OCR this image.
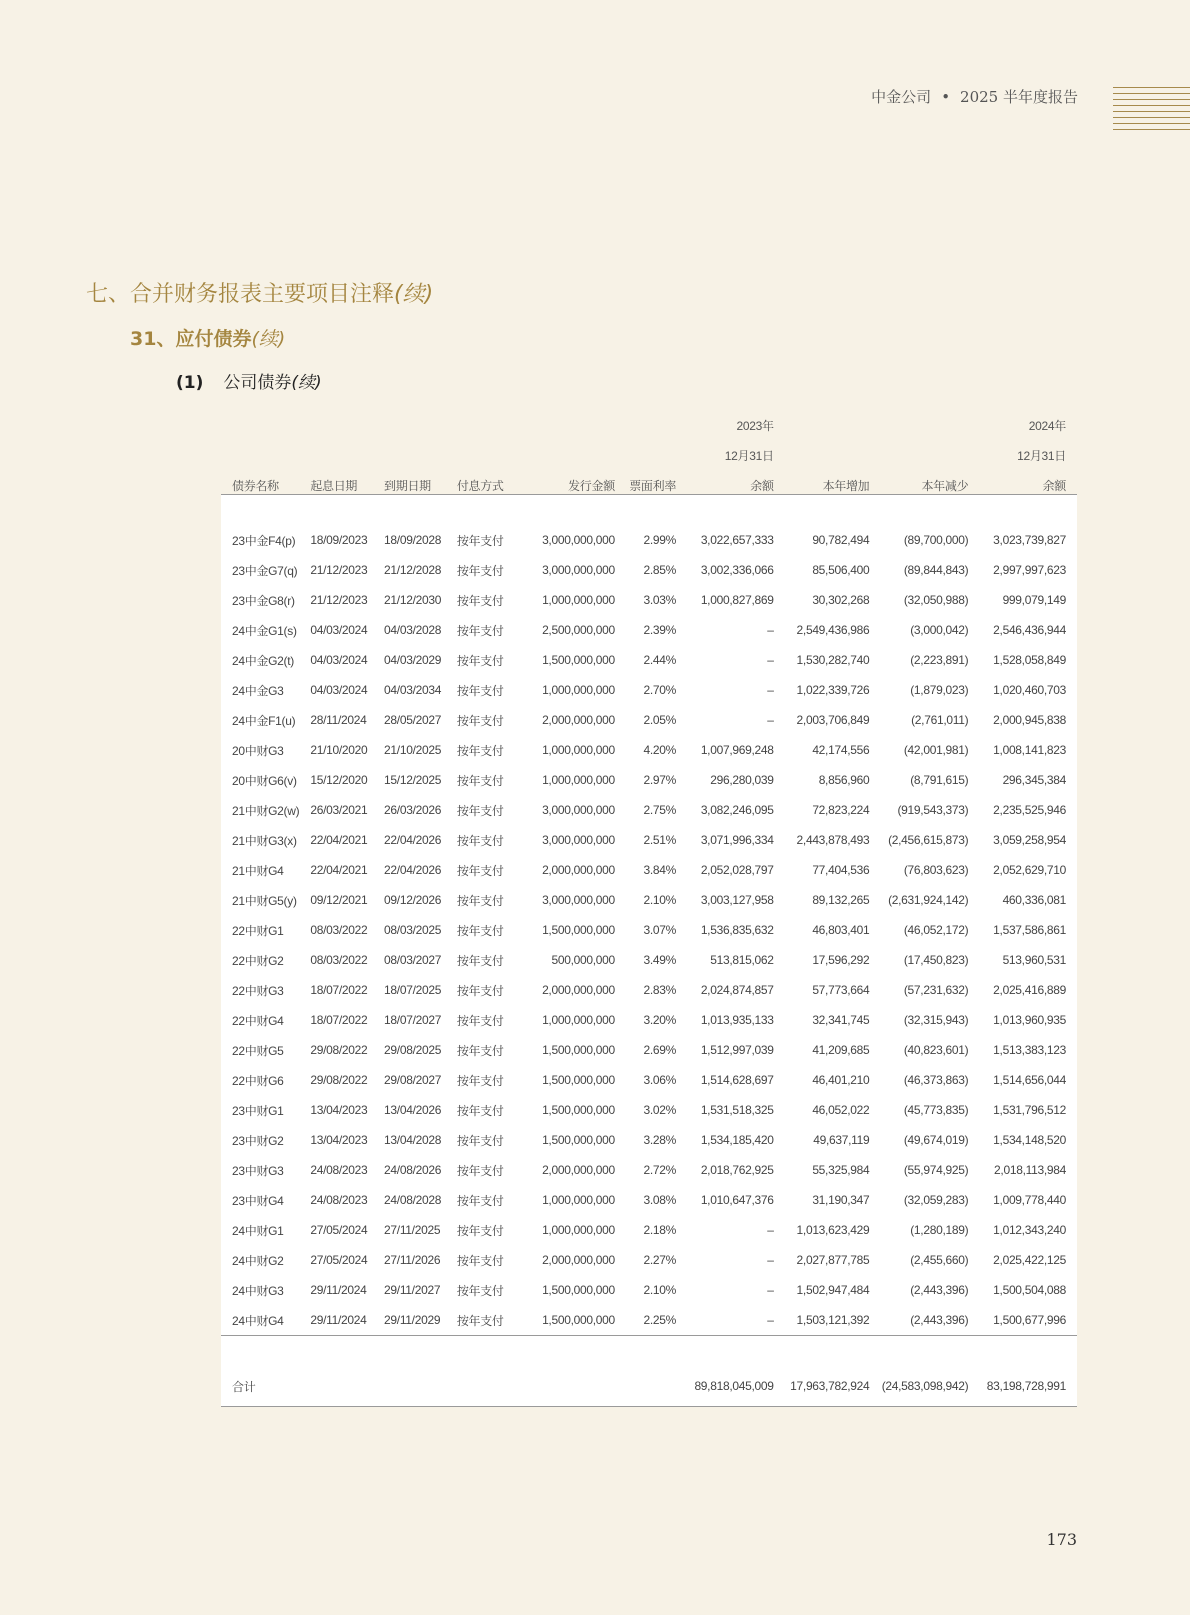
中金公司 • 2025 半年度报告
七、合并财务报表主要项目注释(续)
31、应付债券(续)
(1) 公司债券(续)
						2023年			2024年
						12月31日			12月31日
债券名称	起息日期	到期日期	付息方式	发行金额	票面利率	余额	本年增加	本年减少	余额

23中金F4(p)	18/09/2023	18/09/2028	按年支付	3,000,000,000	2.99%	3,022,657,333	90,782,494	(89,700,000)	3,023,739,827
23中金G7(q)	21/12/2023	21/12/2028	按年支付	3,000,000,000	2.85%	3,002,336,066	85,506,400	(89,844,843)	2,997,997,623
23中金G8(r)	21/12/2023	21/12/2030	按年支付	1,000,000,000	3.03%	1,000,827,869	30,302,268	(32,050,988)	999,079,149
24中金G1(s)	04/03/2024	04/03/2028	按年支付	2,500,000,000	2.39%	–	2,549,436,986	(3,000,042)	2,546,436,944
24中金G2(t)	04/03/2024	04/03/2029	按年支付	1,500,000,000	2.44%	–	1,530,282,740	(2,223,891)	1,528,058,849
24中金G3	04/03/2024	04/03/2034	按年支付	1,000,000,000	2.70%	–	1,022,339,726	(1,879,023)	1,020,460,703
24中金F1(u)	28/11/2024	28/05/2027	按年支付	2,000,000,000	2.05%	–	2,003,706,849	(2,761,011)	2,000,945,838
20中财G3	21/10/2020	21/10/2025	按年支付	1,000,000,000	4.20%	1,007,969,248	42,174,556	(42,001,981)	1,008,141,823
20中财G6(v)	15/12/2020	15/12/2025	按年支付	1,000,000,000	2.97%	296,280,039	8,856,960	(8,791,615)	296,345,384
21中财G2(w)	26/03/2021	26/03/2026	按年支付	3,000,000,000	2.75%	3,082,246,095	72,823,224	(919,543,373)	2,235,525,946
21中财G3(x)	22/04/2021	22/04/2026	按年支付	3,000,000,000	2.51%	3,071,996,334	2,443,878,493	(2,456,615,873)	3,059,258,954
21中财G4	22/04/2021	22/04/2026	按年支付	2,000,000,000	3.84%	2,052,028,797	77,404,536	(76,803,623)	2,052,629,710
21中财G5(y)	09/12/2021	09/12/2026	按年支付	3,000,000,000	2.10%	3,003,127,958	89,132,265	(2,631,924,142)	460,336,081
22中财G1	08/03/2022	08/03/2025	按年支付	1,500,000,000	3.07%	1,536,835,632	46,803,401	(46,052,172)	1,537,586,861
22中财G2	08/03/2022	08/03/2027	按年支付	500,000,000	3.49%	513,815,062	17,596,292	(17,450,823)	513,960,531
22中财G3	18/07/2022	18/07/2025	按年支付	2,000,000,000	2.83%	2,024,874,857	57,773,664	(57,231,632)	2,025,416,889
22中财G4	18/07/2022	18/07/2027	按年支付	1,000,000,000	3.20%	1,013,935,133	32,341,745	(32,315,943)	1,013,960,935
22中财G5	29/08/2022	29/08/2025	按年支付	1,500,000,000	2.69%	1,512,997,039	41,209,685	(40,823,601)	1,513,383,123
22中财G6	29/08/2022	29/08/2027	按年支付	1,500,000,000	3.06%	1,514,628,697	46,401,210	(46,373,863)	1,514,656,044
23中财G1	13/04/2023	13/04/2026	按年支付	1,500,000,000	3.02%	1,531,518,325	46,052,022	(45,773,835)	1,531,796,512
23中财G2	13/04/2023	13/04/2028	按年支付	1,500,000,000	3.28%	1,534,185,420	49,637,119	(49,674,019)	1,534,148,520
23中财G3	24/08/2023	24/08/2026	按年支付	2,000,000,000	2.72%	2,018,762,925	55,325,984	(55,974,925)	2,018,113,984
23中财G4	24/08/2023	24/08/2028	按年支付	1,000,000,000	3.08%	1,010,647,376	31,190,347	(32,059,283)	1,009,778,440
24中财G1	27/05/2024	27/11/2025	按年支付	1,000,000,000	2.18%	–	1,013,623,429	(1,280,189)	1,012,343,240
24中财G2	27/05/2024	27/11/2026	按年支付	2,000,000,000	2.27%	–	2,027,877,785	(2,455,660)	2,025,422,125
24中财G3	29/11/2024	29/11/2027	按年支付	1,500,000,000	2.10%	–	1,502,947,484	(2,443,396)	1,500,504,088
24中财G4	29/11/2024	29/11/2029	按年支付	1,500,000,000	2.25%	–	1,503,121,392	(2,443,396)	1,500,677,996

合计						89,818,045,009	17,963,782,924	(24,583,098,942)	83,198,728,991
173
